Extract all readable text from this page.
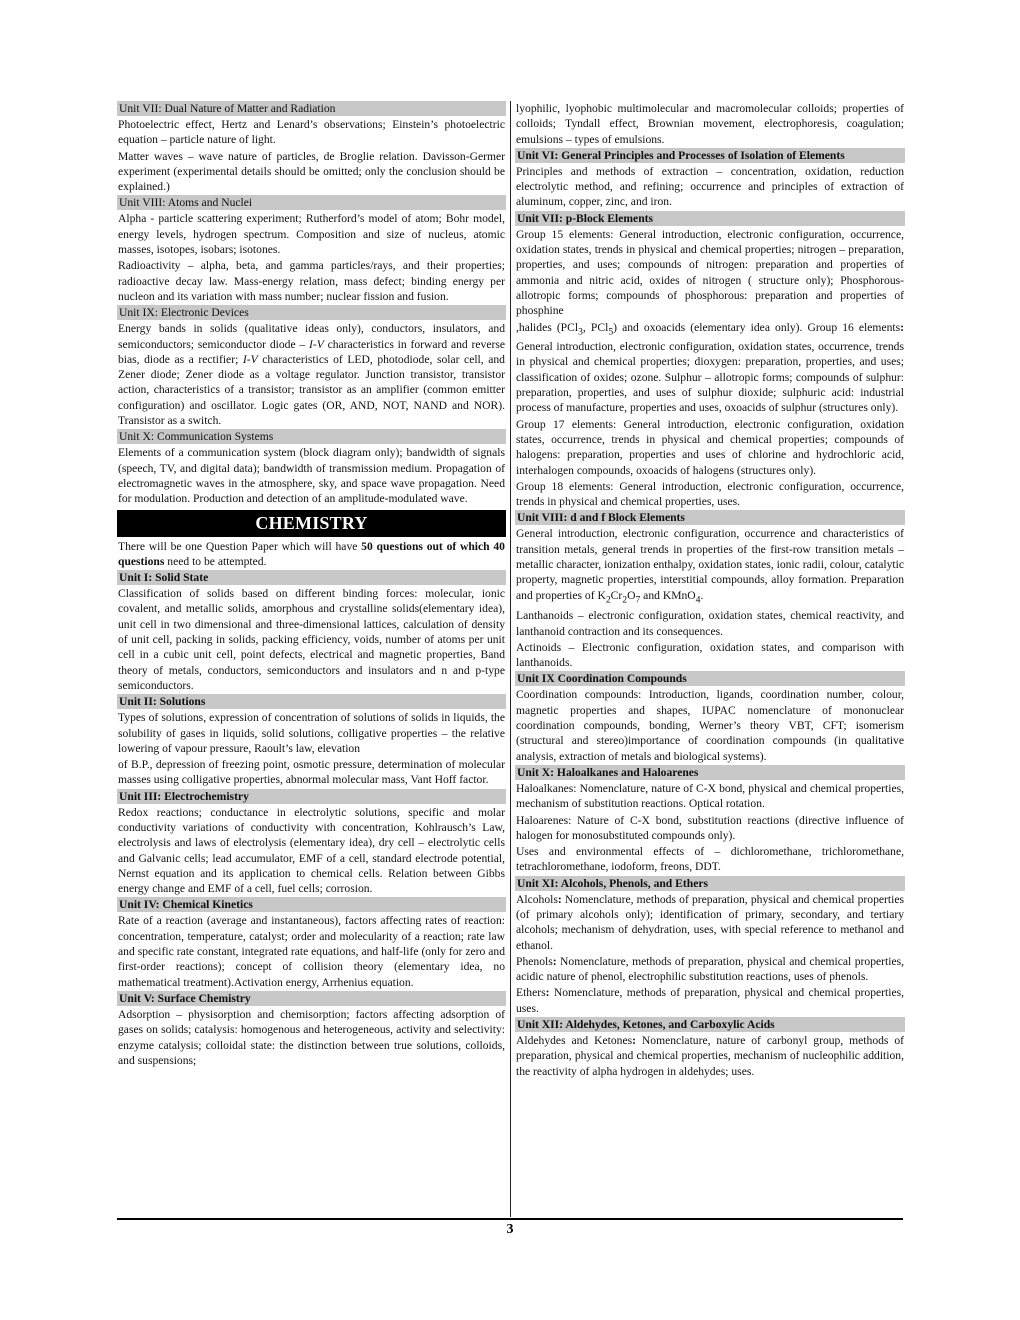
Unit VII: Dual Nature of Matter and Radiation
Photoelectric effect, Hertz and Lenard’s observations; Einstein’s photoelectric equation – particle nature of light.
Matter waves – wave nature of particles, de Broglie relation. Davisson-Germer experiment (experimental details should be omitted; only the conclusion should be explained.)
Unit VIII: Atoms and Nuclei
Alpha - particle scattering experiment; Rutherford’s model of atom; Bohr model, energy levels, hydrogen spectrum. Composition and size of nucleus, atomic masses, isotopes, isobars; isotones.
Radioactivity – alpha, beta, and gamma particles/rays, and their properties; radioactive decay law. Mass-energy relation, mass defect; binding energy per nucleon and its variation with mass number; nuclear fission and fusion.
Unit IX: Electronic Devices
Energy bands in solids (qualitative ideas only), conductors, insulators, and semiconductors; semiconductor diode – I-V characteristics in forward and reverse bias, diode as a rectifier; I-V characteristics of LED, photodiode, solar cell, and Zener diode; Zener diode as a voltage regulator. Junction transistor, transistor action, characteristics of a transistor; transistor as an amplifier (common emitter configuration) and oscillator. Logic gates (OR, AND, NOT, NAND and NOR). Transistor as a switch.
Unit X: Communication Systems
Elements of a communication system (block diagram only); bandwidth of signals (speech, TV, and digital data); bandwidth of transmission medium. Propagation of electromagnetic waves in the atmosphere, sky, and space wave propagation. Need for modulation. Production and detection of an amplitude-modulated wave.
CHEMISTRY
There will be one Question Paper which will have 50 questions out of which 40 questions need to be attempted.
Unit I: Solid State
Classification of solids based on different binding forces: molecular, ionic covalent, and metallic solids, amorphous and crystalline solids(elementary idea), unit cell in two dimensional and three-dimensional lattices, calculation of density of unit cell, packing in solids, packing efficiency, voids, number of atoms per unit cell in a cubic unit cell, point defects, electrical and magnetic properties, Band theory of metals, conductors, semiconductors and insulators and n and p-type semiconductors.
Unit II: Solutions
Types of solutions, expression of concentration of solutions of solids in liquids, the solubility of gases in liquids, solid solutions, colligative properties – the relative lowering of vapour pressure, Raoult’s law, elevation
of B.P., depression of freezing point, osmotic pressure, determination of molecular masses using colligative properties, abnormal molecular mass, Vant Hoff factor.
Unit III: Electrochemistry
Redox reactions; conductance in electrolytic solutions, specific and molar conductivity variations of conductivity with concentration, Kohlrausch’s Law, electrolysis and laws of electrolysis (elementary idea), dry cell – electrolytic cells and Galvanic cells; lead accumulator, EMF of a cell, standard electrode potential, Nernst equation and its application to chemical cells. Relation between Gibbs energy change and EMF of a cell, fuel cells; corrosion.
Unit IV: Chemical Kinetics
Rate of a reaction (average and instantaneous), factors affecting rates of reaction: concentration, temperature, catalyst; order and molecularity of a reaction; rate law and specific rate constant, integrated rate equations, and half-life (only for zero and first-order reactions); concept of collision theory (elementary idea, no mathematical treatment).Activation energy, Arrhenius equation.
Unit V: Surface Chemistry
Adsorption – physisorption and chemisorption; factors affecting adsorption of gases on solids; catalysis: homogenous and heterogeneous, activity and selectivity: enzyme catalysis; colloidal state: the distinction between true solutions, colloids, and suspensions;
lyophilic, lyophobic multimolecular and macromolecular colloids; properties of colloids; Tyndall effect, Brownian movement, electrophoresis, coagulation; emulsions – types of emulsions.
Unit VI: General Principles and Processes of Isolation of Elements
Principles and methods of extraction – concentration, oxidation, reduction electrolytic method, and refining; occurrence and principles of extraction of aluminum, copper, zinc, and iron.
Unit VII: p-Block Elements
Group 15 elements: General introduction, electronic configuration, occurrence, oxidation states, trends in physical and chemical properties; nitrogen – preparation, properties, and uses; compounds of nitrogen: preparation and properties of ammonia and nitric acid, oxides of nitrogen ( structure only); Phosphorous-allotropic forms; compounds of phosphorous: preparation and properties of phosphine
,halides (PCl$_3$, PCl$_5$) and oxoacids (elementary idea only). Group 16 elements: General introduction, electronic configuration, oxidation states, occurrence, trends in physical and chemical properties; dioxygen: preparation, properties, and uses; classification of oxides; ozone. Sulphur – allotropic forms; compounds of sulphur: preparation, properties, and uses of sulphur dioxide; sulphuric acid: industrial process of manufacture, properties and uses, oxoacids of sulphur (structures only).
Group 17 elements: General introduction, electronic configuration, oxidation states, occurrence, trends in physical and chemical properties; compounds of halogens: preparation, properties and uses of chlorine and hydrochloric acid, interhalogen compounds, oxoacids of halogens (structures only).
Group 18 elements: General introduction, electronic configuration, occurrence, trends in physical and chemical properties, uses.
Unit VIII: d and f Block Elements
General introduction, electronic configuration, occurrence and characteristics of transition metals, general trends in properties of the first-row transition metals – metallic character, ionization enthalpy, oxidation states, ionic radii, colour, catalytic property, magnetic properties, interstitial compounds, alloy formation. Preparation and properties of $K_2Cr_2O_7$ and KMnO$_4$.
Lanthanoids – electronic configuration, oxidation states, chemical reactivity, and lanthanoid contraction and its consequences.
Actinoids – Electronic configuration, oxidation states, and comparison with lanthanoids.
Unit IX Coordination Compounds
Coordination compounds: Introduction, ligands, coordination number, colour, magnetic properties and shapes, IUPAC nomenclature of mononuclear coordination compounds, bonding, Werner’s theory VBT, CFT; isomerism (structural and stereo)importance of coordination compounds (in qualitative analysis, extraction of metals and biological systems).
Unit X: Haloalkanes and Haloarenes
Haloalkanes: Nomenclature, nature of C-X bond, physical and chemical properties, mechanism of substitution reactions. Optical rotation.
Haloarenes: Nature of C-X bond, substitution reactions (directive influence of halogen for monosubstituted compounds only).
Uses and environmental effects of – dichloromethane, trichloromethane, tetrachloromethane, iodoform, freons, DDT.
Unit XI: Alcohols, Phenols, and Ethers
Alcohols: Nomenclature, methods of preparation, physical and chemical properties (of primary alcohols only); identification of primary, secondary, and tertiary alcohols; mechanism of dehydration, uses, with special reference to methanol and ethanol.
Phenols: Nomenclature, methods of preparation, physical and chemical properties, acidic nature of phenol, electrophilic substitution reactions, uses of phenols.
Ethers: Nomenclature, methods of preparation, physical and chemical properties, uses.
Unit XII: Aldehydes, Ketones, and Carboxylic Acids
Aldehydes and Ketones: Nomenclature, nature of carbonyl group, methods of preparation, physical and chemical properties, mechanism of nucleophilic addition, the reactivity of alpha hydrogen in aldehydes; uses.
3
